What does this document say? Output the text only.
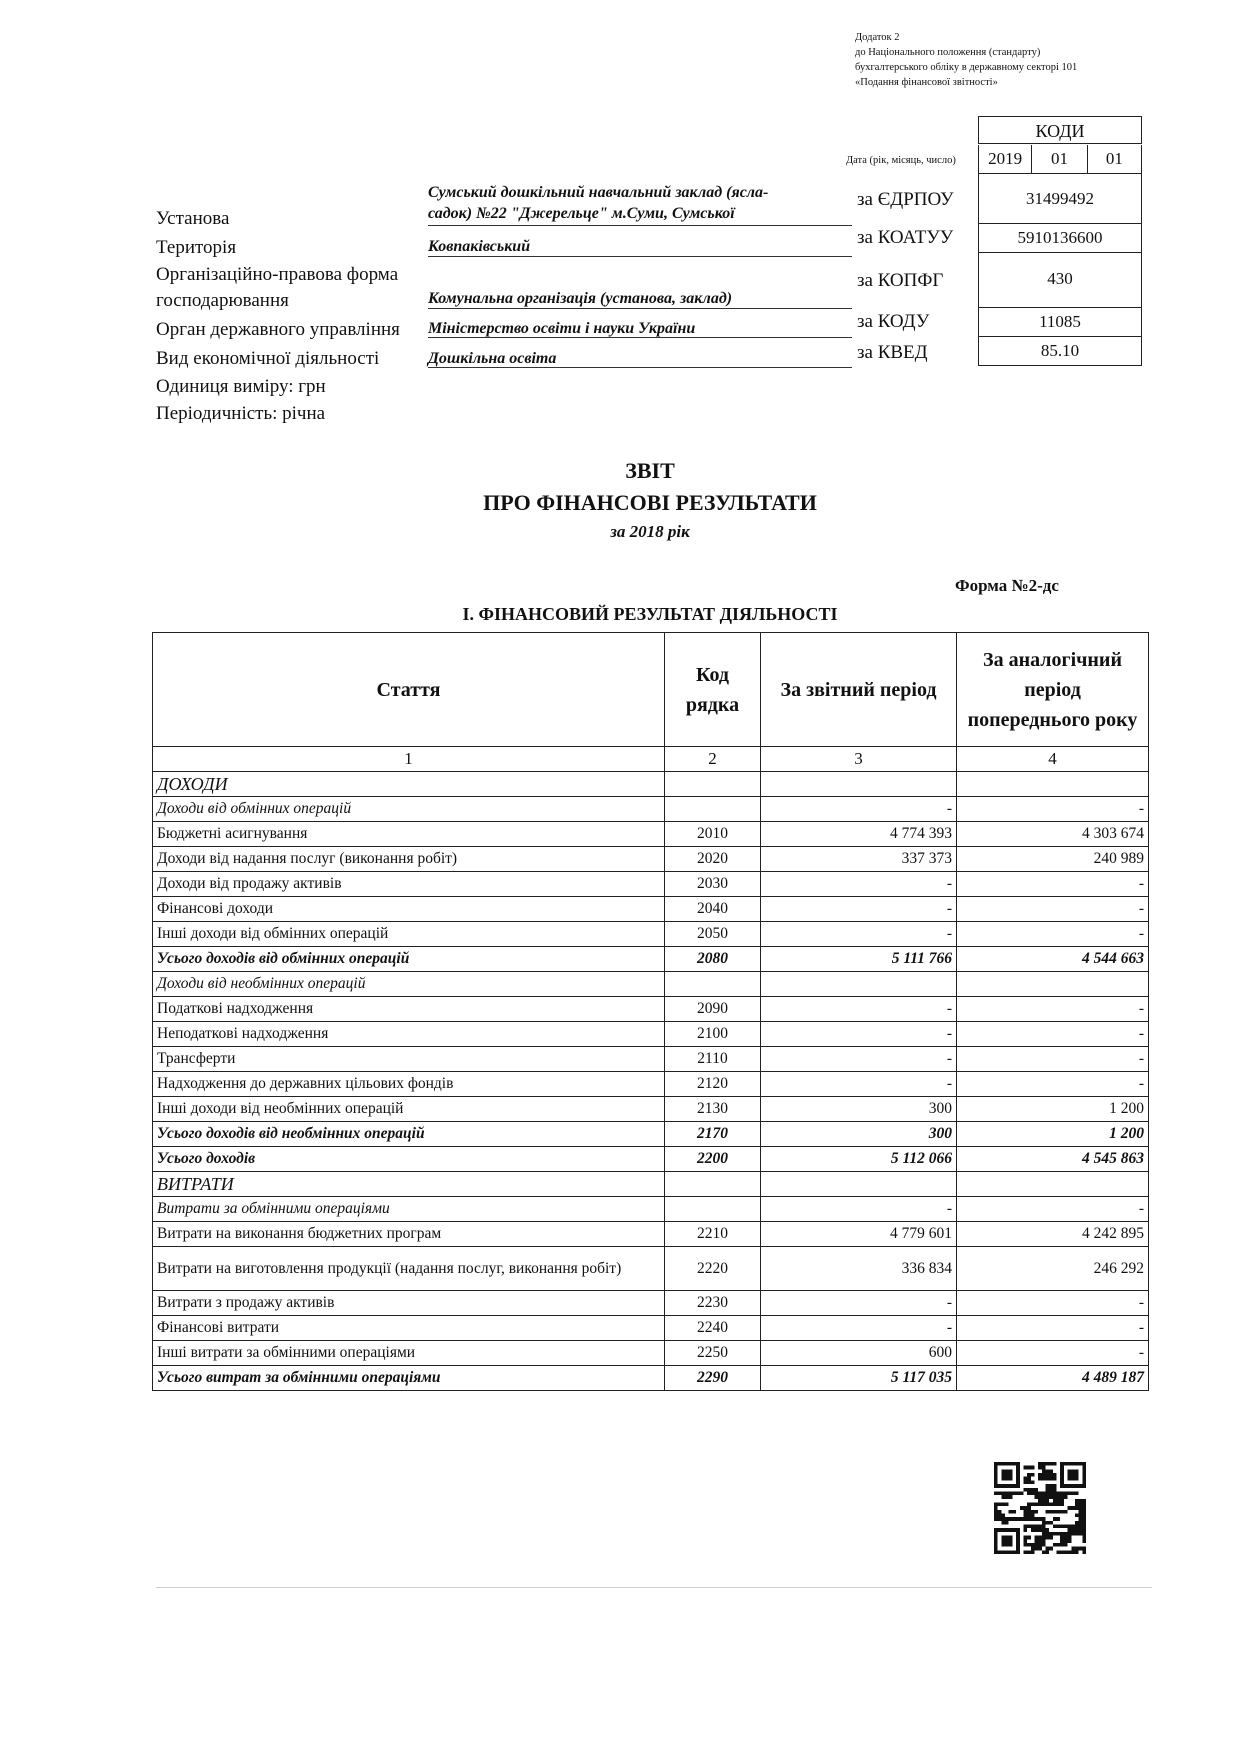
Додаток 2
до Національного положення (стандарту)
бухгалтерського обліку в державному секторі 101
«Подання фінансової звітності»
КОДИ
Дата (рік, місяць, число)	2019	01	01
за ЄДРПОУ	31499492
за КОАТУУ	5910136600
за КОПФГ	430
за КОДУ	11085
за КВЕД	85.10
Установа
Сумський дошкільний навчальний заклад (ясла-
садок) №22 "Джерельце" м.Суми, Сумської
Територія	Ковпаківський
Організаційно-правова форма
господарювання	Комунальна організація (установа, заклад)
Орган державного управління Міністерство освіти і науки України
Вид економічної діяльності	Дошкільна освіта
Одиниця виміру: грн
Періодичність: річна
ЗВІТ
ПРО ФІНАНСОВІ РЕЗУЛЬТАТИ
за 2018 рік
Форма №2-дс
І. ФІНАНСОВИЙ РЕЗУЛЬТАТ ДІЯЛЬНОСТІ
Стаття	Код рядка	За звітний період	За аналогічний період попереднього року
1	2	3	4
ДОХОДИ			
Доходи від обмінних операцій		-	-
Бюджетні асигнування	2010	4 774 393	4 303 674
Доходи від надання послуг (виконання робіт)	2020	337 373	240 989
Доходи від продажу активів	2030	-	-
Фінансові доходи	2040	-	-
Інші доходи від обмінних операцій	2050	-	-
Усього доходів від обмінних операцій	2080	5 111 766	4 544 663
Доходи від необмінних операцій			
Податкові надходження	2090	-	-
Неподаткові надходження	2100	-	-
Трансферти	2110	-	-
Надходження до державних цільових фондів	2120	-	-
Інші доходи від необмінних операцій	2130	300	1 200
Усього доходів від необмінних операцій	2170	300	1 200
Усього доходів	2200	5 112 066	4 545 863
ВИТРАТИ			
Витрати за обмінними операціями		-	-
Витрати на виконання бюджетних програм	2210	4 779 601	4 242 895
Витрати на виготовлення продукції (надання послуг, виконання робіт)	2220	336 834	246 292
Витрати з продажу активів	2230	-	-
Фінансові витрати	2240	-	-
Інші витрати за обмінними операціями	2250	600	-
Усього витрат за обмінними операціями	2290	5 117 035	4 489 187
